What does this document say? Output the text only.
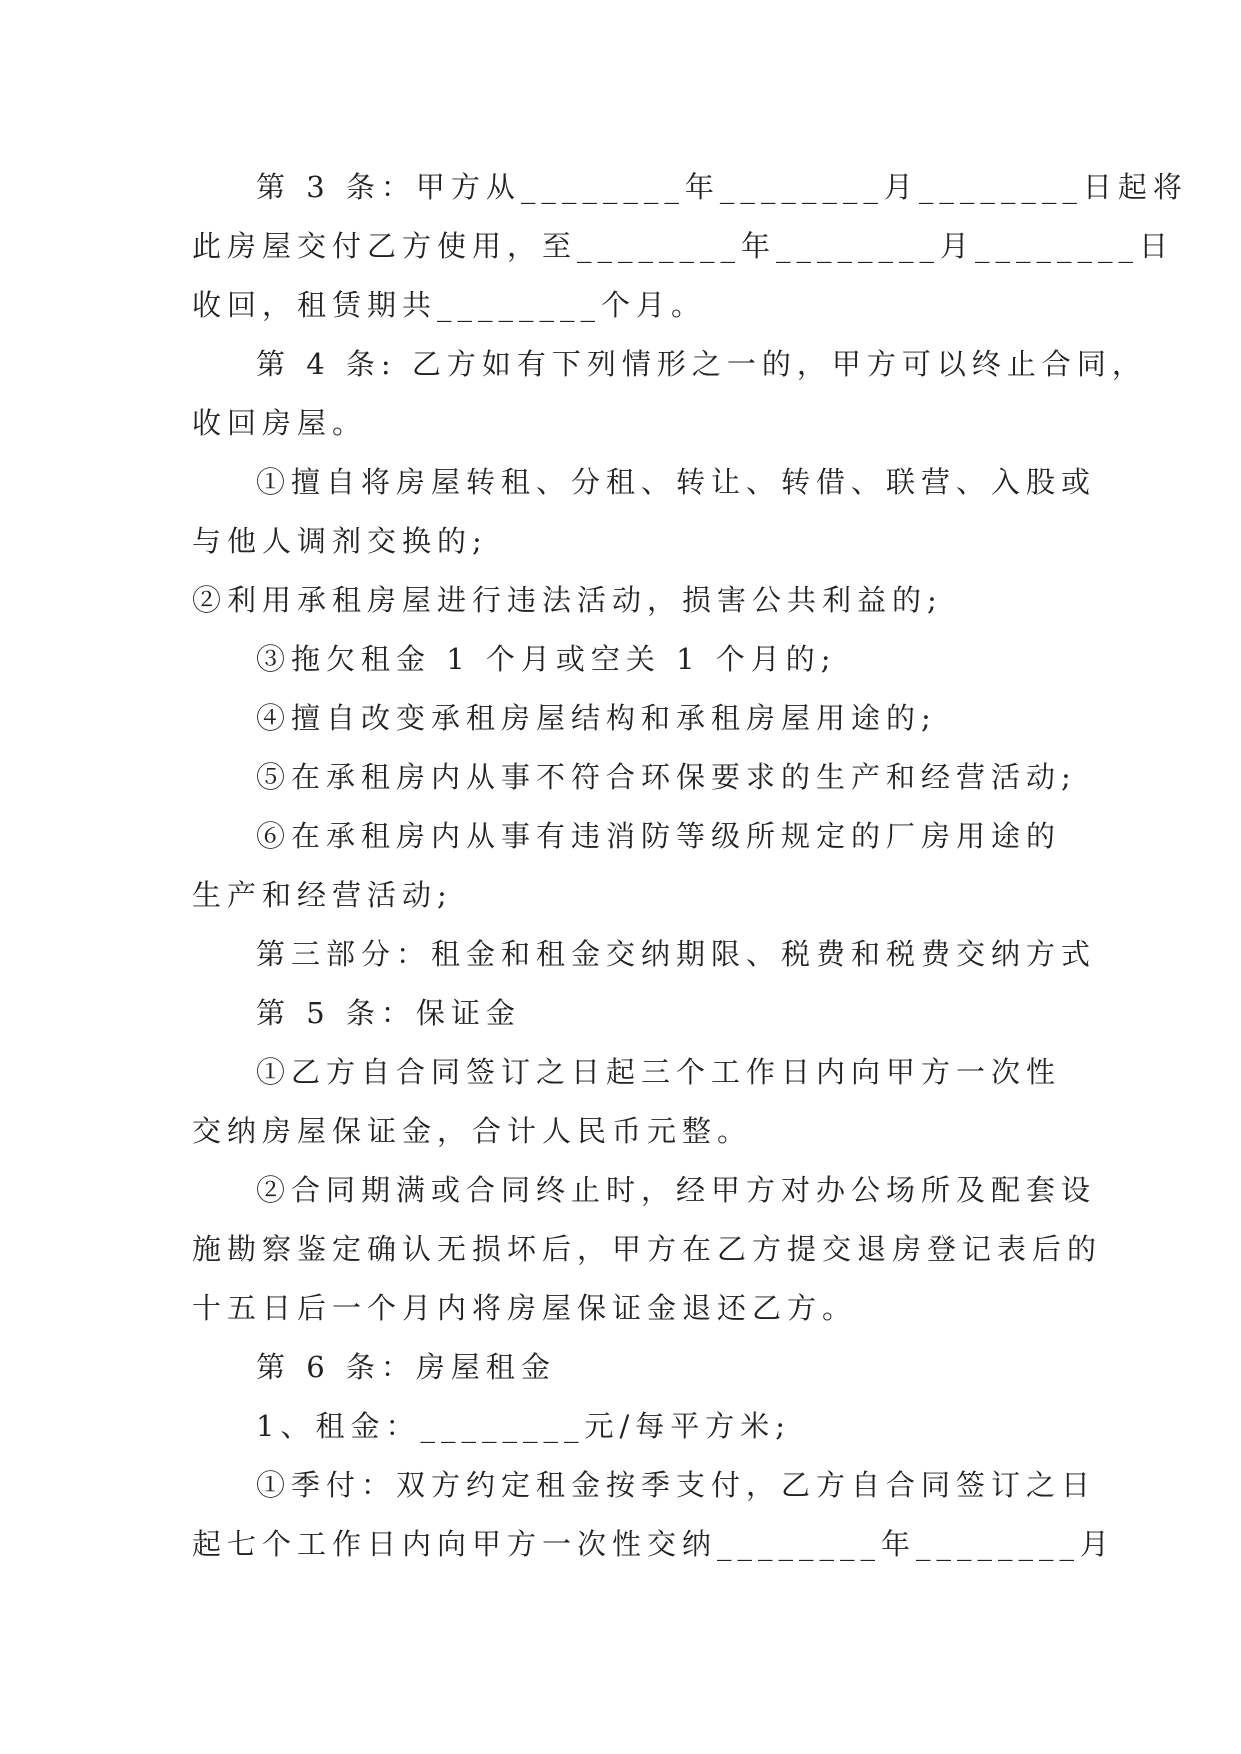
第 3 条：甲方从________年________月________日起将
此房屋交付乙方使用，至________年________月________日
收回，租赁期共________个月。
第 4 条: 乙方如有下列情形之一的，甲方可以终止合同，
收回房屋。
①擅自将房屋转租、分租、转让、转借、联营、入股或
与他人调剂交换的;
②利用承租房屋进行违法活动，损害公共利益的;
③拖欠租金 1 个月或空关 1 个月的;
④擅自改变承租房屋结构和承租房屋用途的;
⑤在承租房内从事不符合环保要求的生产和经营活动;
⑥在承租房内从事有违消防等级所规定的厂房用途的
生产和经营活动;
第三部分：租金和租金交纳期限、税费和税费交纳方式
第 5 条：保证金
①乙方自合同签订之日起三个工作日内向甲方一次性
交纳房屋保证金，合计人民币元整。
②合同期满或合同终止时，经甲方对办公场所及配套设
施勘察鉴定确认无损坏后，甲方在乙方提交退房登记表后的
十五日后一个月内将房屋保证金退还乙方。
第 6 条：房屋租金
1、租金：________元/每平方米;
①季付：双方约定租金按季支付，乙方自合同签订之日
起七个工作日内向甲方一次性交纳________年________月
